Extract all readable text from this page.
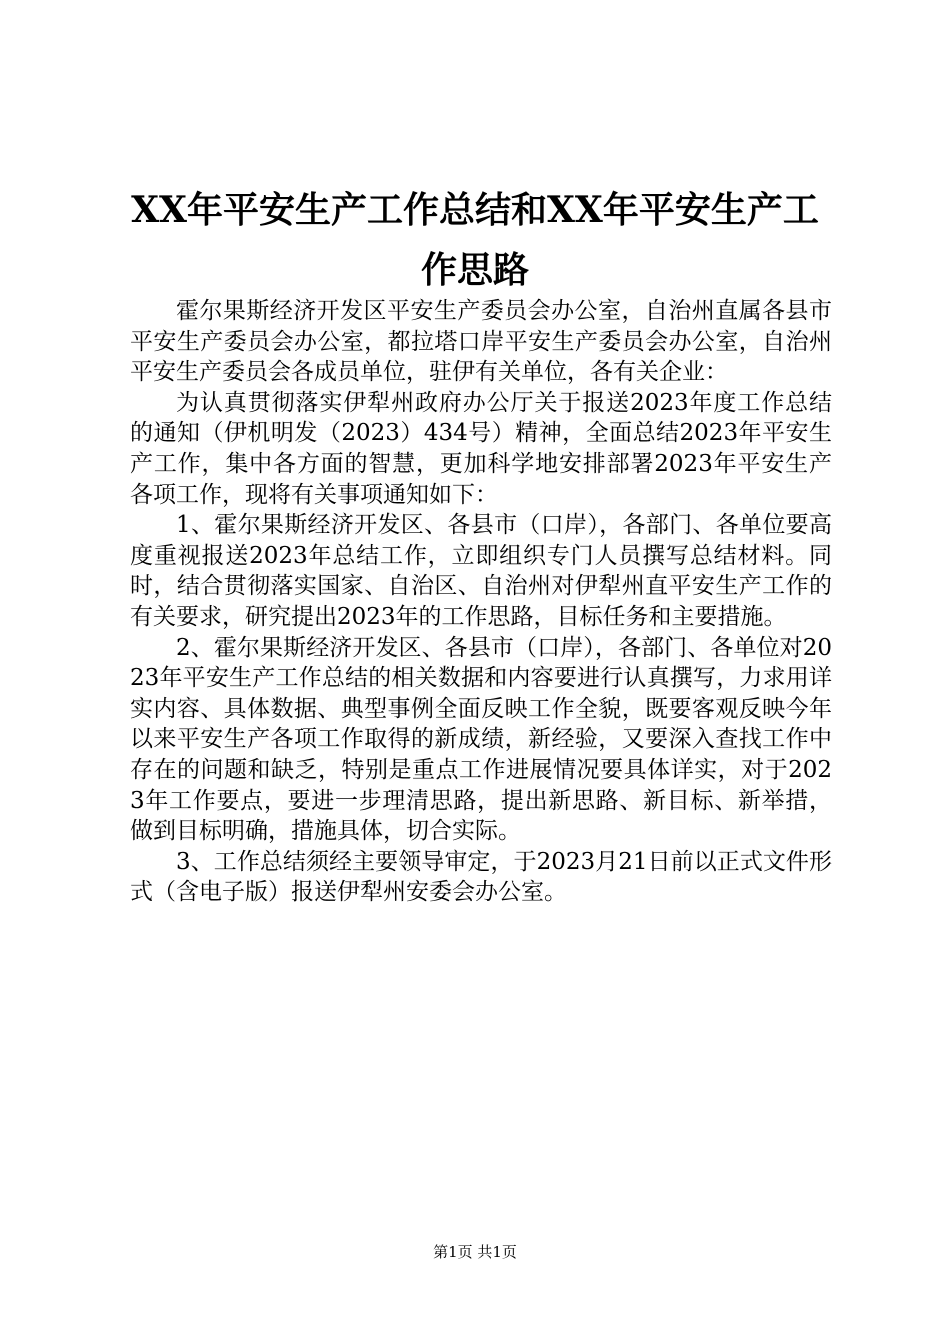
XX年平安生产工作总结和XX年平安生产工作思路

霍尔果斯经济开发区平安生产委员会办公室，自治州直属各县市平安生产委员会办公室，都拉塔口岸平安生产委员会办公室，自治州平安生产委员会各成员单位，驻伊有关单位，各有关企业：

为认真贯彻落实伊犁州政府办公厅关于报送2023年度工作总结的通知（伊机明发（2023）434号）精神，全面总结2023年平安生产工作，集中各方面的智慧，更加科学地安排部署2023年平安生产各项工作，现将有关事项通知如下：

1、霍尔果斯经济开发区、各县市（口岸），各部门、各单位要高度重视报送2023年总结工作，立即组织专门人员撰写总结材料。同时，结合贯彻落实国家、自治区、自治州对伊犁州直平安生产工作的有关要求，研究提出2023年的工作思路，目标任务和主要措施。

2、霍尔果斯经济开发区、各县市（口岸），各部门、各单位对2023年平安生产工作总结的相关数据和内容要进行认真撰写，力求用详实内容、具体数据、典型事例全面反映工作全貌，既要客观反映今年以来平安生产各项工作取得的新成绩，新经验，又要深入查找工作中存在的问题和缺乏，特别是重点工作进展情况要具体详实，对于2023年工作要点，要进一步理清思路，提出新思路、新目标、新举措，做到目标明确，措施具体，切合实际。

3、工作总结须经主要领导审定，于2023月21日前以正式文件形式（含电子版）报送伊犁州安委会办公室。

第1页 共1页
